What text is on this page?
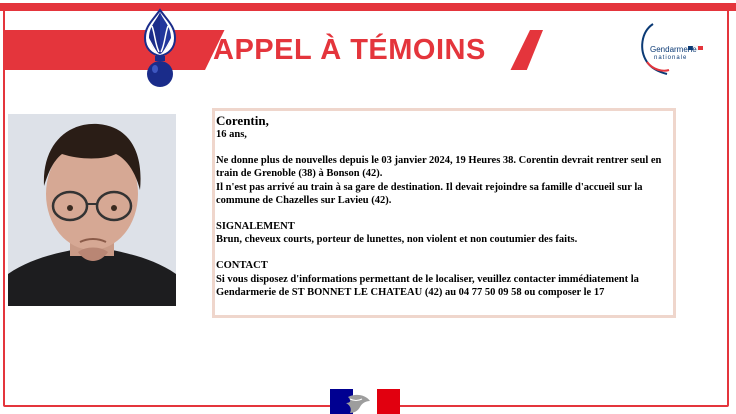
APPEL À TÉMOINS	Gendarmerie
nationale

Corentin,

16 ans,

Ne donne plus de nouvelles depuis le 03 janvier 2024, 19 Heures 38. Corentin devrait rentrer seul en train de Grenoble (38) à Bonson (42).

Il n'est pas arrivé au train à sa gare de destination. Il devait rejoindre sa famille d'accueil sur la commune de Chazelles sur Lavieu (42).

SIGNALEMENT

Brun, cheveux courts, porteur de lunettes, non violent et non coutumier des faits.

CONTACT

Si vous disposez d'informations permettant de le localiser, veuillez contacter immédiatement la Gendarmerie de ST BONNET LE CHATEAU (42) au 04 77 50 09 58 ou composer le 17
